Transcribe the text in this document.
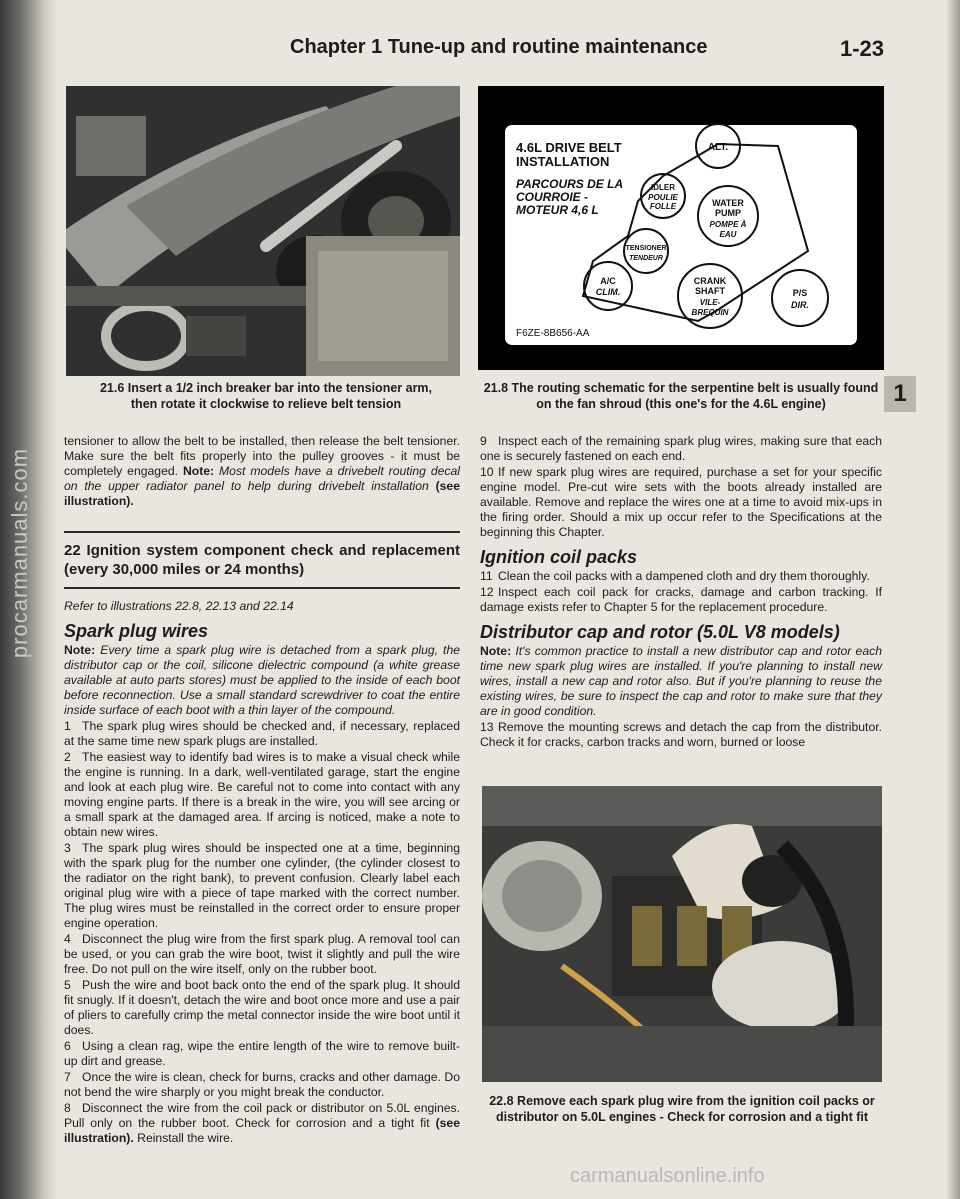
procarmanuals.com
carmanualsonline.info
Chapter 1 Tune-up and routine maintenance	1-23
21.6 Insert a 1/2 inch breaker bar into the tensioner arm, then rotate it clockwise to relieve belt tension
4.6L DRIVE BELT
INSTALLATION
PARCOURS DE LA
COURROIE -
MOTEUR 4,6 L
F6ZE-8B656-AA
ALT.
IDLER
POULIE
FOLLE	WATER
PUMP
POMPE À
EAU
TENSIONER
TENDEUR
A/C
CLIM.
CRANK
SHAFT
VILE-
BREQUIN
P/S
DIR.
21.8 The routing schematic for the serpentine belt is usually found on the fan shroud (this one's for the 4.6L engine)	1

tensioner to allow the belt to be installed, then release the belt tensioner. Make sure the belt fits properly into the pulley grooves - it must be completely engaged. Note: Most models have a drivebelt routing decal on the upper radiator panel to help during drivebelt installation (see illustration).

22 Ignition system component check and replacement (every 30,000 miles or 24 months)

Refer to illustrations 22.8, 22.13 and 22.14

Spark plug wires

Note: Every time a spark plug wire is detached from a spark plug, the distributor cap or the coil, silicone dielectric compound (a white grease available at auto parts stores) must be applied to the inside of each boot before reconnection. Use a small standard screwdriver to coat the entire inside surface of each boot with a thin layer of the compound.

1 The spark plug wires should be checked and, if necessary, replaced at the same time new spark plugs are installed.

2 The easiest way to identify bad wires is to make a visual check while the engine is running. In a dark, well-ventilated garage, start the engine and look at each plug wire. Be careful not to come into contact with any moving engine parts. If there is a break in the wire, you will see arcing or a small spark at the damaged area. If arcing is noticed, make a note to obtain new wires.

3 The spark plug wires should be inspected one at a time, beginning with the spark plug for the number one cylinder, (the cylinder closest to the radiator on the right bank), to prevent confusion. Clearly label each original plug wire with a piece of tape marked with the correct number. The plug wires must be reinstalled in the correct order to ensure proper engine operation.

4 Disconnect the plug wire from the first spark plug. A removal tool can be used, or you can grab the wire boot, twist it slightly and pull the wire free. Do not pull on the wire itself, only on the rubber boot.

5 Push the wire and boot back onto the end of the spark plug. It should fit snugly. If it doesn't, detach the wire and boot once more and use a pair of pliers to carefully crimp the metal connector inside the wire boot until it does.

6 Using a clean rag, wipe the entire length of the wire to remove built-up dirt and grease.

7 Once the wire is clean, check for burns, cracks and other damage. Do not bend the wire sharply or you might break the conductor.

8 Disconnect the wire from the coil pack or distributor on 5.0L engines. Pull only on the rubber boot. Check for corrosion and a tight fit (see illustration). Reinstall the wire.

9 Inspect each of the remaining spark plug wires, making sure that each one is securely fastened on each end.

10 If new spark plug wires are required, purchase a set for your specific engine model. Pre-cut wire sets with the boots already installed are available. Remove and replace the wires one at a time to avoid mix-ups in the firing order. Should a mix up occur refer to the Specifications at the beginning this Chapter.

Ignition coil packs

11 Clean the coil packs with a dampened cloth and dry them thoroughly.

12 Inspect each coil pack for cracks, damage and carbon tracking. If damage exists refer to Chapter 5 for the replacement procedure.

Distributor cap and rotor (5.0L V8 models)

Note: It's common practice to install a new distributor cap and rotor each time new spark plug wires are installed. If you're planning to install new wires, install a new cap and rotor also. But if you're planning to reuse the existing wires, be sure to inspect the cap and rotor to make sure that they are in good condition.

13 Remove the mounting screws and detach the cap from the distributor. Check it for cracks, carbon tracks and worn, burned or loose

22.8 Remove each spark plug wire from the ignition coil packs or distributor on 5.0L engines - Check for corrosion and a tight fit
